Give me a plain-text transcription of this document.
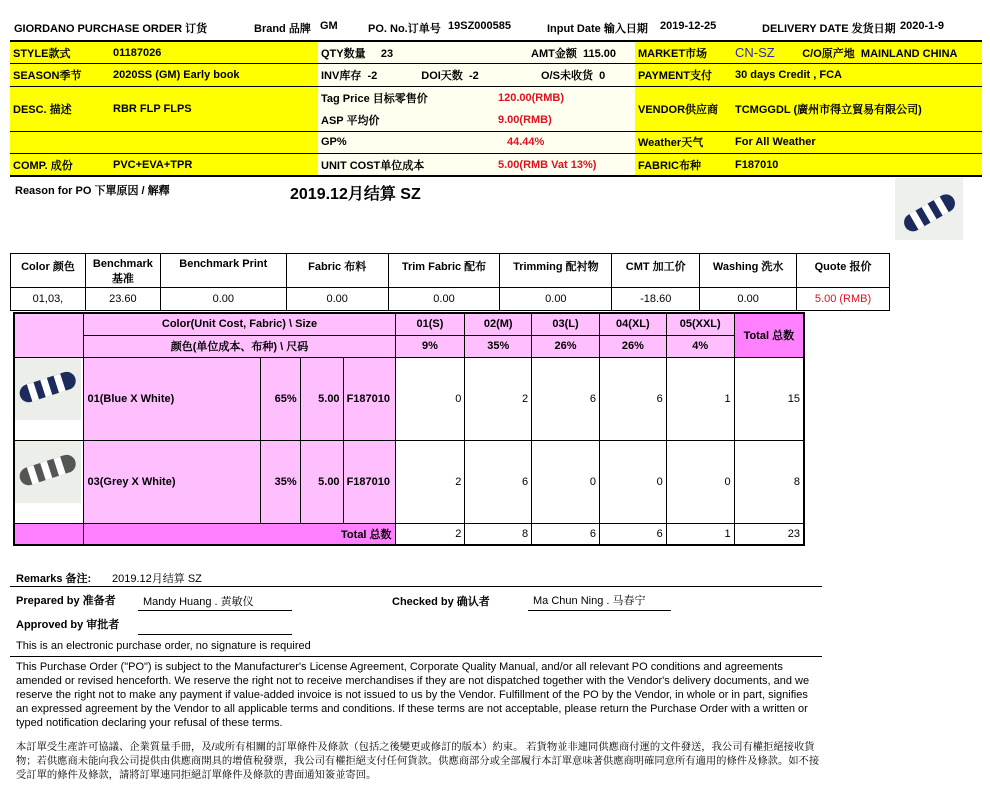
GIORDANO PURCHASE ORDER 订货	Brand 品牌 GM	PO. No.订单号 19SZ000585	Input Date 输入日期 2019-12-25	DELIVERY DATE 发货日期 2020-1-9
STYLE款式	01187026	QTY数量 23	AMT金额 115.00	MARKET市场	CN-SZ C/O原产地 MAINLAND CHINA
SEASON季节	2020SS (GM) Early book	INV库存 -2 DOI天数 -2	O/S未收货 0	PAYMENT支付	30 days Credit , FCA
DESC. 描述	RBR FLP FLPS	Tag Price 目标零售价	120.00(RMB)	VENDOR供应商	TCMGGDL (廣州市得立貿易有限公司)
		ASP 平均价	9.00(RMB)		
		GP%	44.44%	Weather天气	For All Weather
COMP. 成份	PVC+EVA+TPR	UNIT COST单位成本	5.00(RMB Vat 13%)	FABRIC布种	F187010
Reason for PO 下單原因 / 解釋	2019.12月结算 SZ
Color 颜色	Benchmark 基准	Benchmark Print	Fabric 布料	Trim Fabric 配布	Trimming 配衬物	CMT 加工价	Washing 洗水	Quote 报价
01,03,	23.60	0.00	0.00	0.00	0.00	-18.60	0.00	5.00 (RMB)
	Color(Unit Cost, Fabric) \ Size				01(S)	02(M)	03(L)	04(XL)	05(XXL)	Total 总数
	颜色(单位成本、布种) \ 尺码				9%	35%	26%	26%	4%	

	01(Blue X White)	65%	5.00	F187010	0	2	6	6	1	15

	03(Grey X White)	35%	5.00	F187010	2	6	0	0	0	8
	Total 总数				2	8	6	6	1	23
Remarks 备注: 2019.12月结算 SZ
Prepared by 准备者 Mandy Huang . 黄敏仪	Checked by 确认者	Ma Chun Ning . 马春宁
Approved by 审批者
This is an electronic purchase order, no signature is required
This Purchase Order ("PO") is subject to the Manufacturer's License Agreement, Corporate Quality Manual, and/or all relevant PO conditions and agreements amended or revised henceforth. We reserve the right not to receive merchandises if they are not dispatched together with the Vendor's delivery documents, and we reserve the right not to make any payment if value-added invoice is not issued to us by the Vendor. Fulfillment of the PO by the Vendor, in whole or in part, signifies an expressed agreement by the Vendor to all applicable terms and conditions. If these terms are not acceptable, please return the Purchase Order with a written or typed notification declaring your refusal of these terms.
本訂單受生產許可協議、企業質量手冊，及/或所有相關的訂單條件及條款（包括之後變更或修訂的版本）約束。 若貨物並非連同供應商付運的文件發送，我公司有權拒絕接收貨物；若供應商未能向我公司提供由供應商開具的增值稅發票，我公司有權拒絕支付任何貨款。供應商部分或全部履行本訂單意味著供應商明確同意所有適用的條件及條款。如不接受訂單的條件及條款，請將訂單連同拒絕訂單條件及條款的書面通知簽並寄回。
